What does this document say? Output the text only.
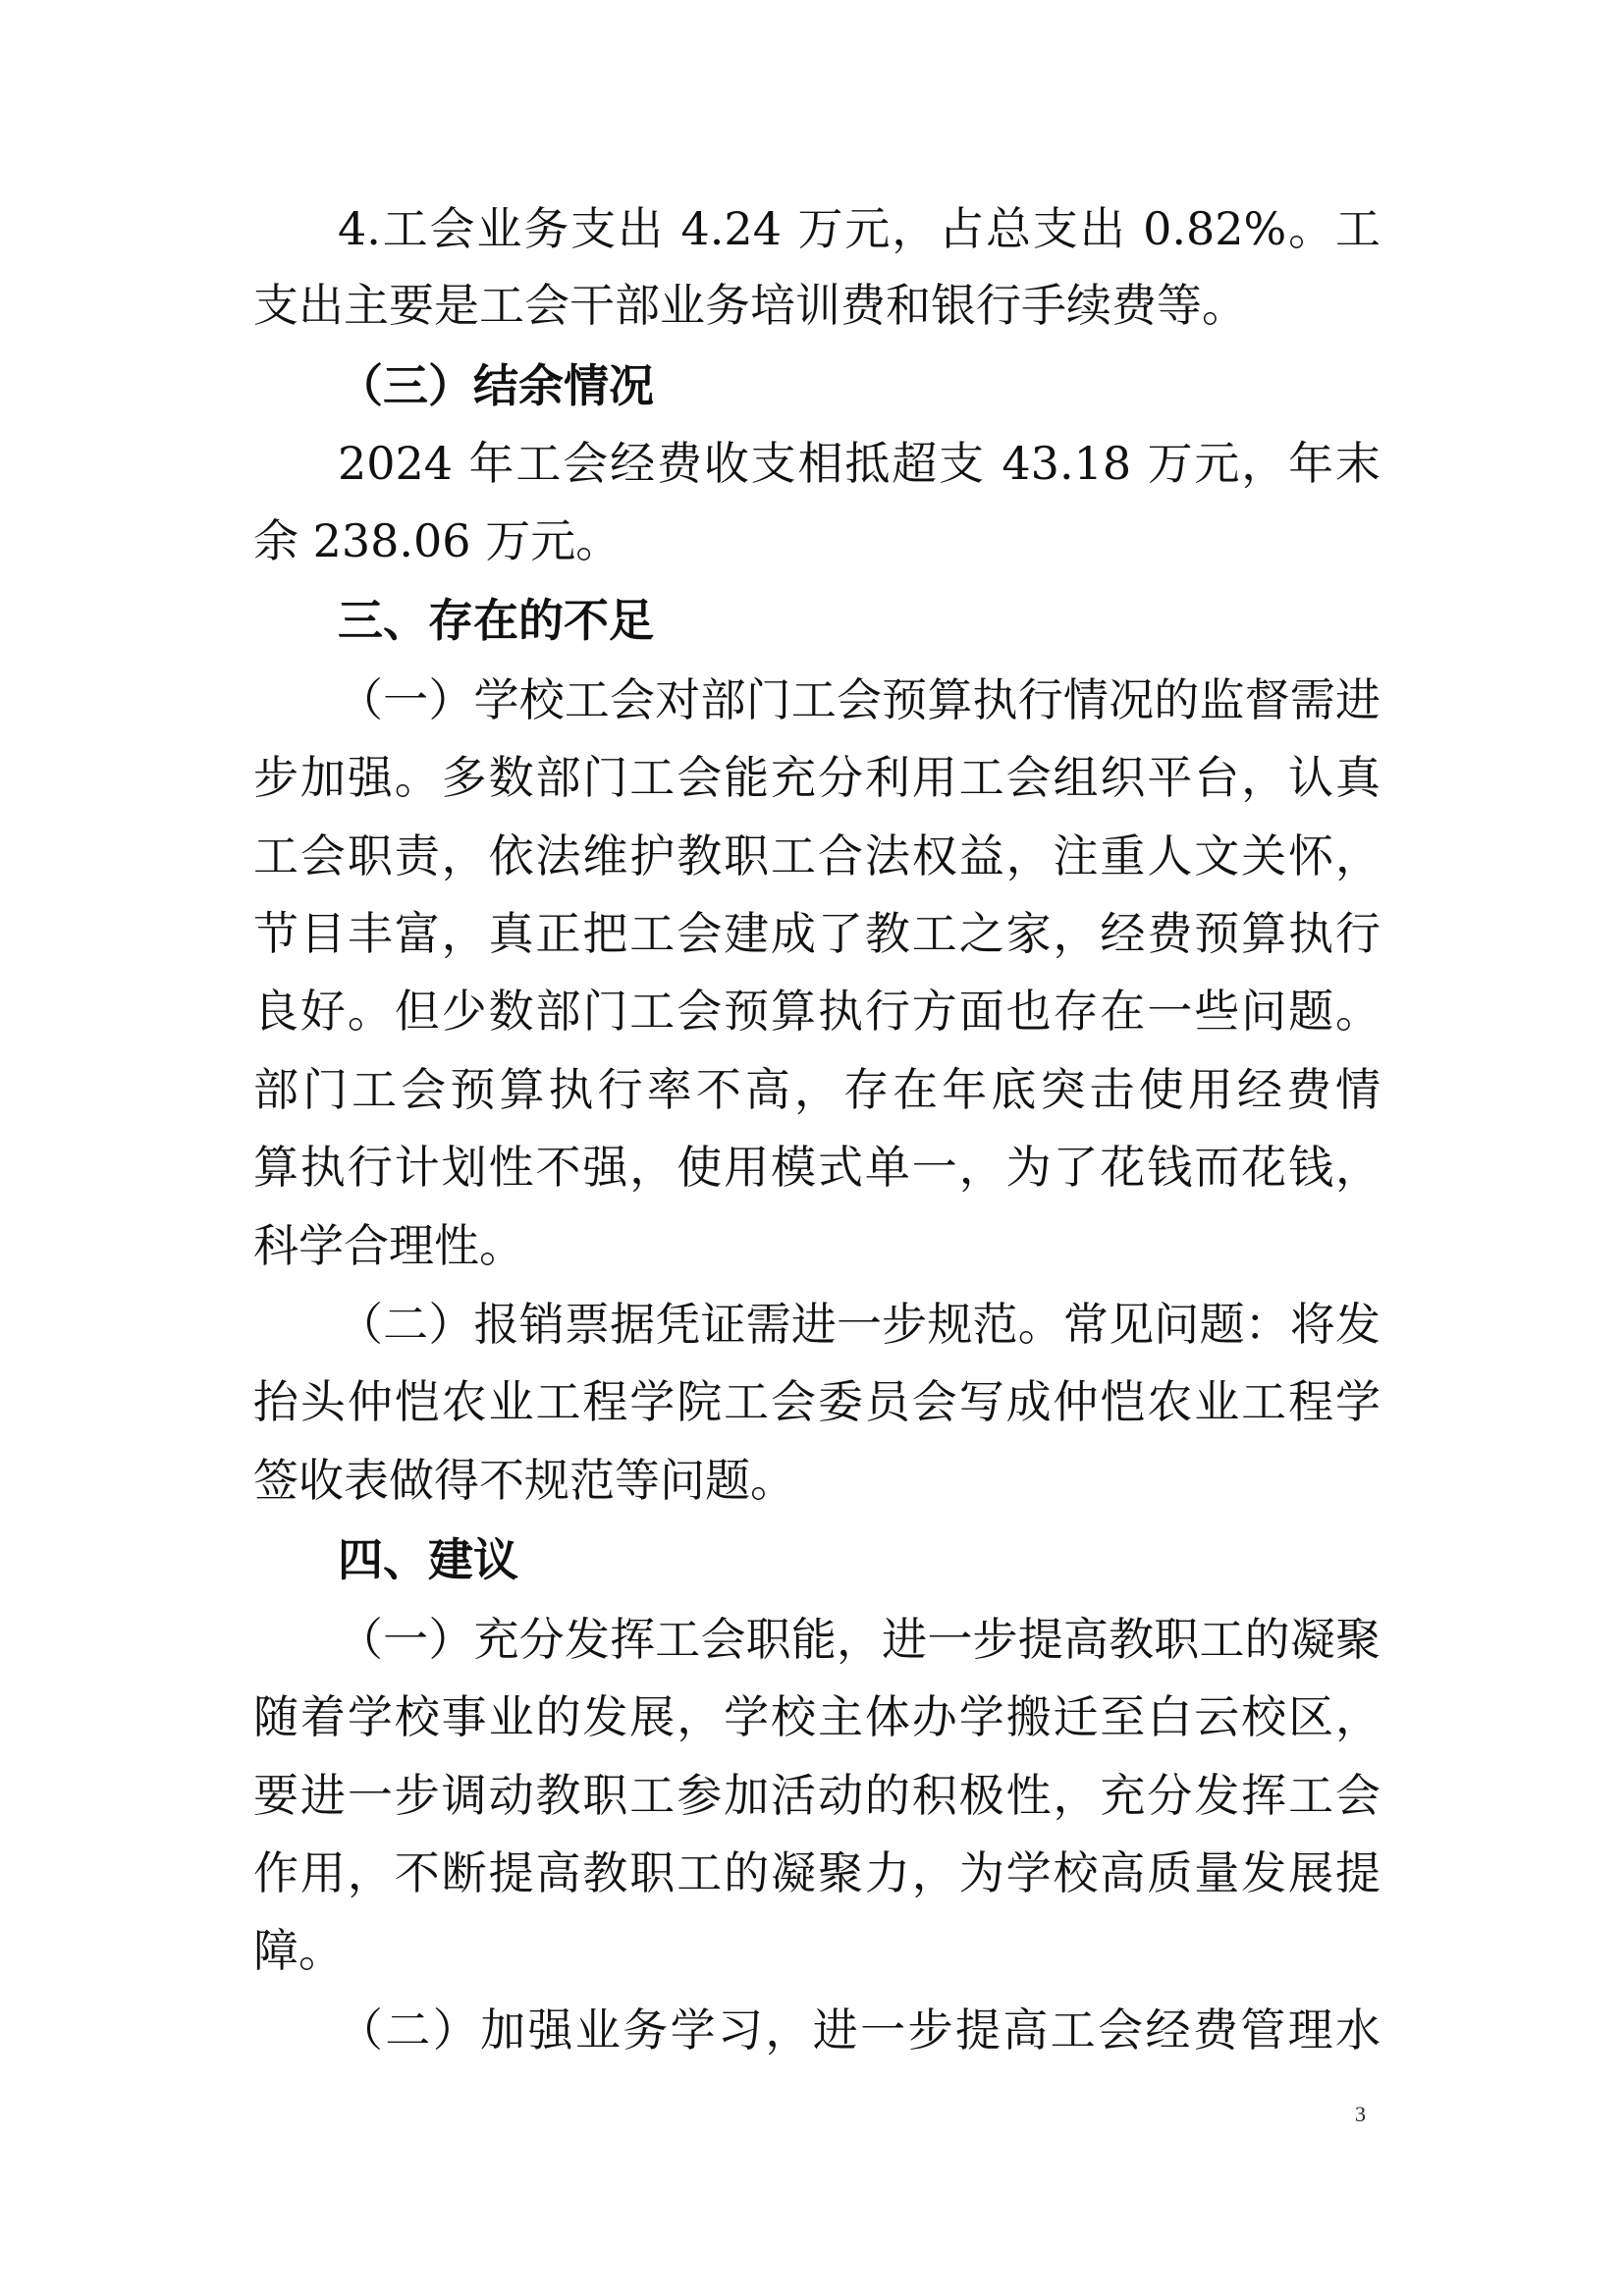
4.工会业务支出 4.24 万元，占总支出 0.82%。工
支出主要是工会干部业务培训费和银行手续费等。
（三）结余情况
2024 年工会经费收支相抵超支 43.18 万元，年末
余 238.06 万元。
三、存在的不足
（一）学校工会对部门工会预算执行情况的监督需进
步加强。多数部门工会能充分利用工会组织平台，认真
工会职责，依法维护教职工合法权益，注重人文关怀，
节目丰富，真正把工会建成了教工之家，经费预算执行
良好。但少数部门工会预算执行方面也存在一些问题。
部门工会预算执行率不高，存在年底突击使用经费情
算执行计划性不强，使用模式单一，为了花钱而花钱，
科学合理性。
（二）报销票据凭证需进一步规范。常见问题：将发
抬头仲恺农业工程学院工会委员会写成仲恺农业工程学
签收表做得不规范等问题。
四、建议
（一）充分发挥工会职能，进一步提高教职工的凝聚
随着学校事业的发展，学校主体办学搬迁至白云校区，
要进一步调动教职工参加活动的积极性，充分发挥工会
作用，不断提高教职工的凝聚力，为学校高质量发展提
障。
（二）加强业务学习，进一步提高工会经费管理水
3
